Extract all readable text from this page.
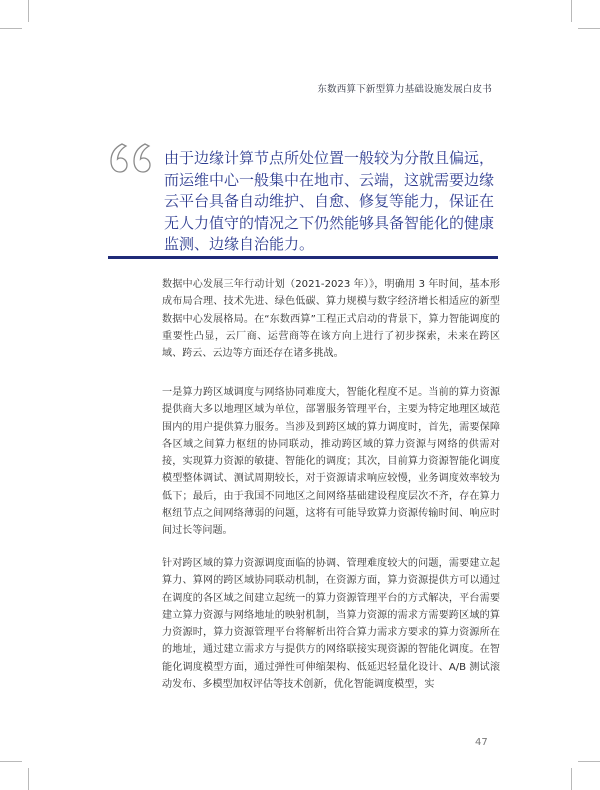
东数西算下新型算力基础设施发展白皮书

由于边缘计算节点所处位置一般较为分散且偏远，而运维中心一般集中在地市、云端，这就需要边缘云平台具备自动维护、自愈、修复等能力，保证在无人力值守的情况之下仍然能够具备智能化的健康监测、边缘自治能力。

数据中心发展三年行动计划（2021-2023 年）》，明确用 3 年时间，基本形成布局合理、技术先进、绿色低碳、算力规模与数字经济增长相适应的新型数据中心发展格局。在“东数西算”工程正式启动的背景下，算力智能调度的重要性凸显，云厂商、运营商等在该方向上进行了初步探索，未来在跨区域、跨云、云边等方面还存在诸多挑战。

一是算力跨区域调度与网络协同难度大，智能化程度不足。当前的算力资源提供商大多以地理区域为单位，部署服务管理平台，主要为特定地理区域范围内的用户提供算力服务。当涉及到跨区域的算力调度时，首先，需要保障各区域之间算力枢纽的协同联动，推动跨区域的算力资源与网络的供需对接，实现算力资源的敏捷、智能化的调度；其次，目前算力资源智能化调度模型整体调试、测试周期较长，对于资源请求响应较慢，业务调度效率较为低下；最后，由于我国不同地区之间网络基础建设程度层次不齐，存在算力枢纽节点之间网络薄弱的问题，这将有可能导致算力资源传输时间、响应时间过长等问题。

针对跨区域的算力资源调度面临的协调、管理难度较大的问题，需要建立起算力、算网的跨区域协同联动机制，在资源方面，算力资源提供方可以通过在调度的各区域之间建立起统一的算力资源管理平台的方式解决，平台需要建立算力资源与网络地址的映射机制，当算力资源的需求方需要跨区域的算力资源时，算力资源管理平台将解析出符合算力需求方要求的算力资源所在的地址，通过建立需求方与提供方的网络联接实现资源的智能化调度。在智能化调度模型方面，通过弹性可伸缩架构、低延迟轻量化设计、A/B 测试滚动发布、多模型加权评估等技术创新，优化智能调度模型，实

47
